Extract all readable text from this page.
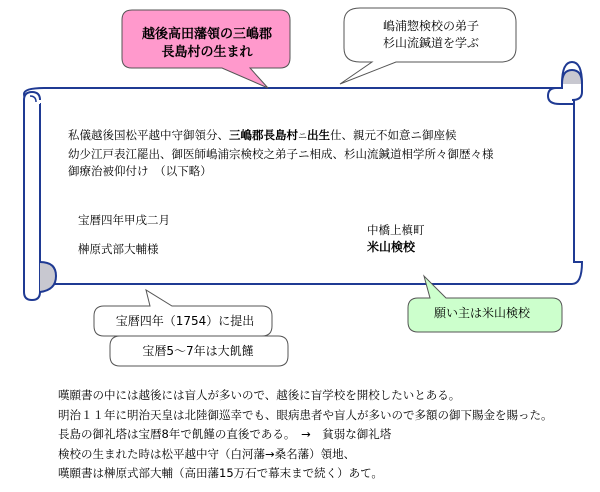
越後高田藩領の三嶋郡
長島村の生まれ
嶋浦惣検校の弟子
杉山流鍼道を学ぶ
宝暦四年（1754）に提出
宝暦5～7年は大飢饉
願い主は米山検校
私儀越後国松平越中守御領分、三嶋郡長島村ニ出生仕、親元不如意ニ御座候
幼少江戸表江罷出、御医師嶋浦宗検校之弟子ニ相成、杉山流鍼道相学所々御歴々様
御療治被仰付け　（以下略）
宝暦四年甲戌二月
榊原式部大輔様
中橋上槙町
米山検校
嘆願書の中には越後には盲人が多いので、越後に盲学校を開校したいとある。
明治１１年に明治天皇は北陸御巡幸でも、眼病患者や盲人が多いので多額の御下賜金を賜った。
長島の御礼塔は宝暦8年で飢饉の直後である。　→　貧弱な御礼塔
検校の生まれた時は松平越中守（白河藩→桑名藩）領地、
嘆願書は榊原式部大輔（高田藩15万石で幕末まで続く）あて。
